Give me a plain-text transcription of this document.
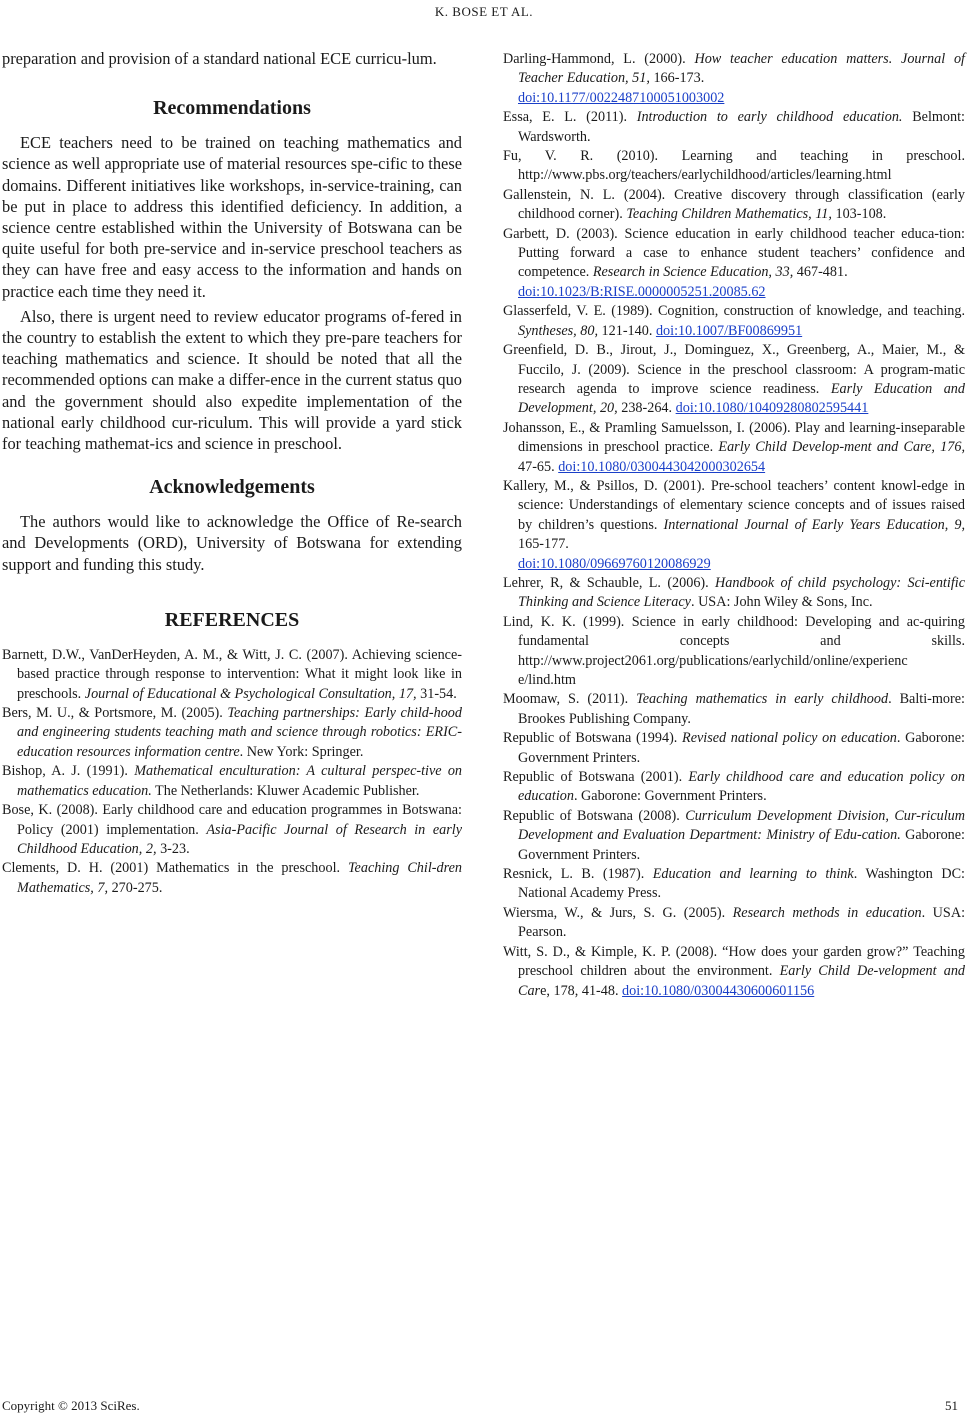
K. BOSE ET AL.

preparation and provision of a standard national ECE curricu-lum.

Recommendations

ECE teachers need to be trained on teaching mathematics and science as well appropriate use of material resources spe-cific to these domains. Different initiatives like workshops, in-service-training, can be put in place to address this identified deficiency. In addition, a science centre established within the University of Botswana can be quite useful for both pre-service and in-service preschool teachers as they can have free and easy access to the information and hands on practice each time they need it.

Also, there is urgent need to review educator programs of-fered in the country to establish the extent to which they pre-pare teachers for teaching mathematics and science. It should be noted that all the recommended options can make a differ-ence in the current status quo and the government should also expedite implementation of the national early childhood cur-riculum. This will provide a yard stick for teaching mathemat-ics and science in preschool.

Acknowledgements

The authors would like to acknowledge the Office of Re-search and Developments (ORD), University of Botswana for extending support and funding this study.

REFERENCES

Barnett, D.W., VanDerHeyden, A. M., & Witt, J. C. (2007). Achieving science-based practice through response to intervention: What it might look like in preschools. Journal of Educational & Psychological Consultation, 17, 31-54.

Bers, M. U., & Portsmore, M. (2005). Teaching partnerships: Early child-hood and engineering students teaching math and science through robotics: ERIC-education resources information centre. New York: Springer.

Bishop, A. J. (1991). Mathematical enculturation: A cultural perspec-tive on mathematics education. The Netherlands: Kluwer Academic Publisher.

Bose, K. (2008). Early childhood care and education programmes in Botswana: Policy (2001) implementation. Asia-Pacific Journal of Research in early Childhood Education, 2, 3-23.

Clements, D. H. (2001) Mathematics in the preschool. Teaching Chil-dren Mathematics, 7, 270-275.

Darling-Hammond, L. (2000). How teacher education matters. Journal of Teacher Education, 51, 166-173.
doi:10.1177/0022487100051003002

Essa, E. L. (2011). Introduction to early childhood education. Belmont: Wardsworth.

Fu, V. R. (2010). Learning and teaching in preschool. http://www.pbs.org/teachers/earlychildhood/articles/learning.html

Gallenstein, N. L. (2004). Creative discovery through classification (early childhood corner). Teaching Children Mathematics, 11, 103-108.

Garbett, D. (2003). Science education in early childhood teacher educa-tion: Putting forward a case to enhance student teachers’ confidence and competence. Research in Science Education, 33, 467-481.
doi:10.1023/B:RISE.0000005251.20085.62

Glasserfeld, V. E. (1989). Cognition, construction of knowledge, and teaching. Syntheses, 80, 121-140. doi:10.1007/BF00869951

Greenfield, D. B., Jirout, J., Dominguez, X., Greenberg, A., Maier, M., & Fuccilo, J. (2009). Science in the preschool classroom: A program-matic research agenda to improve science readiness. Early Education and Development, 20, 238-264. doi:10.1080/10409280802595441

Johansson, E., & Pramling Samuelsson, I. (2006). Play and learning-inseparable dimensions in preschool practice. Early Child Develop-ment and Care, 176, 47-65. doi:10.1080/0300443042000302654

Kallery, M., & Psillos, D. (2001). Pre-school teachers’ content knowl-edge in science: Understandings of elementary science concepts and of issues raised by children’s questions. International Journal of Early Years Education, 9, 165-177.
doi:10.1080/09669760120086929

Lehrer, R, & Schauble, L. (2006). Handbook of child psychology: Sci-entific Thinking and Science Literacy. USA: John Wiley & Sons, Inc.

Lind, K. K. (1999). Science in early childhood: Developing and ac-quiring fundamental concepts and skills. http://www.project2061.org/publications/earlychild/online/experienc e/lind.htm

Moomaw, S. (2011). Teaching mathematics in early childhood. Balti-more: Brookes Publishing Company.

Republic of Botswana (1994). Revised national policy on education. Gaborone: Government Printers.

Republic of Botswana (2001). Early childhood care and education policy on education. Gaborone: Government Printers.

Republic of Botswana (2008). Curriculum Development Division, Cur-riculum Development and Evaluation Department: Ministry of Edu-cation. Gaborone: Government Printers.

Resnick, L. B. (1987). Education and learning to think. Washington DC: National Academy Press.

Wiersma, W., & Jurs, S. G. (2005). Research methods in education. USA: Pearson.

Witt, S. D., & Kimple, K. P. (2008). “How does your garden grow?” Teaching preschool children about the environment. Early Child De-velopment and Care, 178, 41-48. doi:10.1080/03004430600601156

Copyright © 2013 SciRes.	51
